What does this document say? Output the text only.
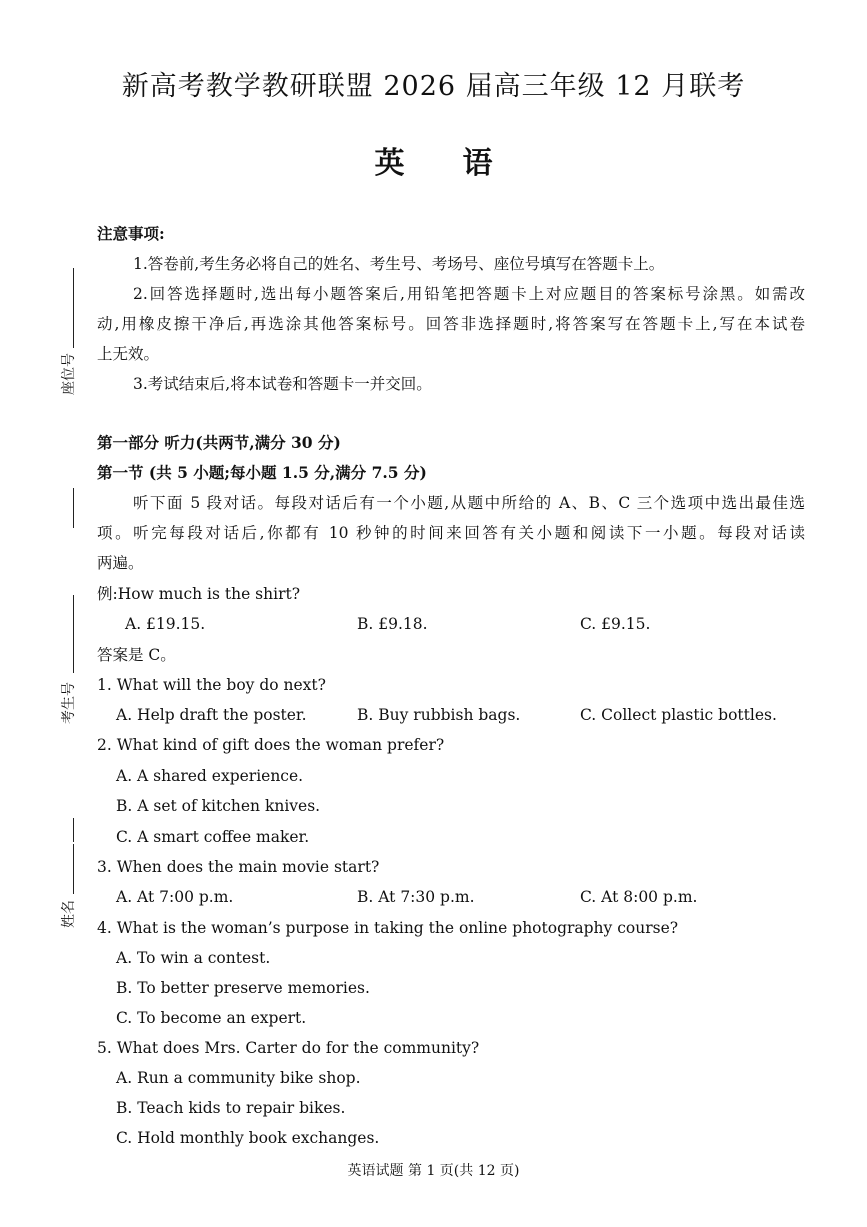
座位号
考生号
姓名
新高考教学教研联盟 2026 届高三年级 12 月联考
英 语
注意事项:
1.答卷前,考生务必将自己的姓名、考生号、考场号、座位号填写在答题卡上。
2.回答选择题时,选出每小题答案后,用铅笔把答题卡上对应题目的答案标号涂黑。如需改
动,用橡皮擦干净后,再选涂其他答案标号。回答非选择题时,将答案写在答题卡上,写在本试卷
上无效。
3.考试结束后,将本试卷和答题卡一并交回。
第一部分 听力(共两节,满分 30 分)
第一节 (共 5 小题;每小题 1.5 分,满分 7.5 分)
听下面 5 段对话。每段对话后有一个小题,从题中所给的 A、B、C 三个选项中选出最佳选
项。听完每段对话后,你都有 10 秒钟的时间来回答有关小题和阅读下一小题。每段对话读
两遍。
例:How much is the shirt?
A. £19.15.	B. £9.18.	C. £9.15.
答案是 C。
1. What will the boy do next?
A. Help draft the poster.	B. Buy rubbish bags.	C. Collect plastic bottles.
2. What kind of gift does the woman prefer?
A. A shared experience.
B. A set of kitchen knives.
C. A smart coffee maker.
3. When does the main movie start?
A. At 7:00 p.m.	B. At 7:30 p.m.	C. At 8:00 p.m.
4. What is the woman’s purpose in taking the online photography course?
A. To win a contest.
B. To better preserve memories.
C. To become an expert.
5. What does Mrs. Carter do for the community?
A. Run a community bike shop.
B. Teach kids to repair bikes.
C. Hold monthly book exchanges.
英语试题 第 1 页(共 12 页)
